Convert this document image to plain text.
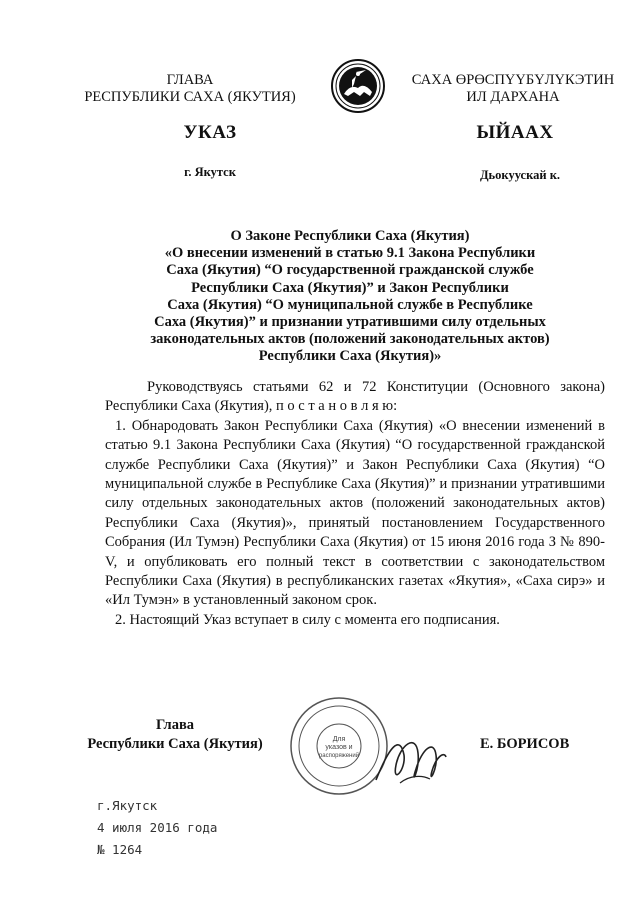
ГЛАВА
РЕСПУБЛИКИ САХА (ЯКУТИЯ)
САХА ӨРӨСПҮҮБҮЛҮКЭТИН
ИЛ ДАРХАНА
УКАЗ	ЫЙААХ
г. Якутск	Дьокуускай к.
О Законе Республики Саха (Якутия)
«О внесении изменений в статью 9.1 Закона Республики
Саха (Якутия) “О государственной гражданской службе
Республики Саха (Якутия)” и Закон Республики
Саха (Якутия) “О муниципальной службе в Республике
Саха (Якутия)” и признании утратившими силу отдельных
законодательных актов (положений законодательных актов)
Республики Саха (Якутия)»

Руководствуясь статьями 62 и 72 Конституции (Основного закона) Республики Саха (Якутия), п о с т а н о в л я ю:

1. Обнародовать Закон Республики Саха (Якутия) «О внесении изменений в статью 9.1 Закона Республики Саха (Якутия) “О государственной гражданской службе Республики Саха (Якутия)” и Закон Республики Саха (Якутия) “О муниципальной службе в Республике Саха (Якутия)” и признании утратившими силу отдельных законодательных актов (положений законодательных актов) Республики Саха (Якутия)», принятый постановлением Государственного Собрания (Ил Тумэн) Республики Саха (Якутия) от 15 июня 2016 года З № 890-V, и опубликовать его полный текст в соответствии с законодательством Республики Саха (Якутия) в республиканских газетах «Якутия», «Саха сирэ» и «Ил Тумэн» в установленный законом срок.

2. Настоящий Указ вступает в силу с момента его подписания.

Глава
Республики Саха (Якутия)	Для
указов и
распоряжений
Е. БОРИСОВ
г.Якутск
4 июля 2016 года
№ 1264
